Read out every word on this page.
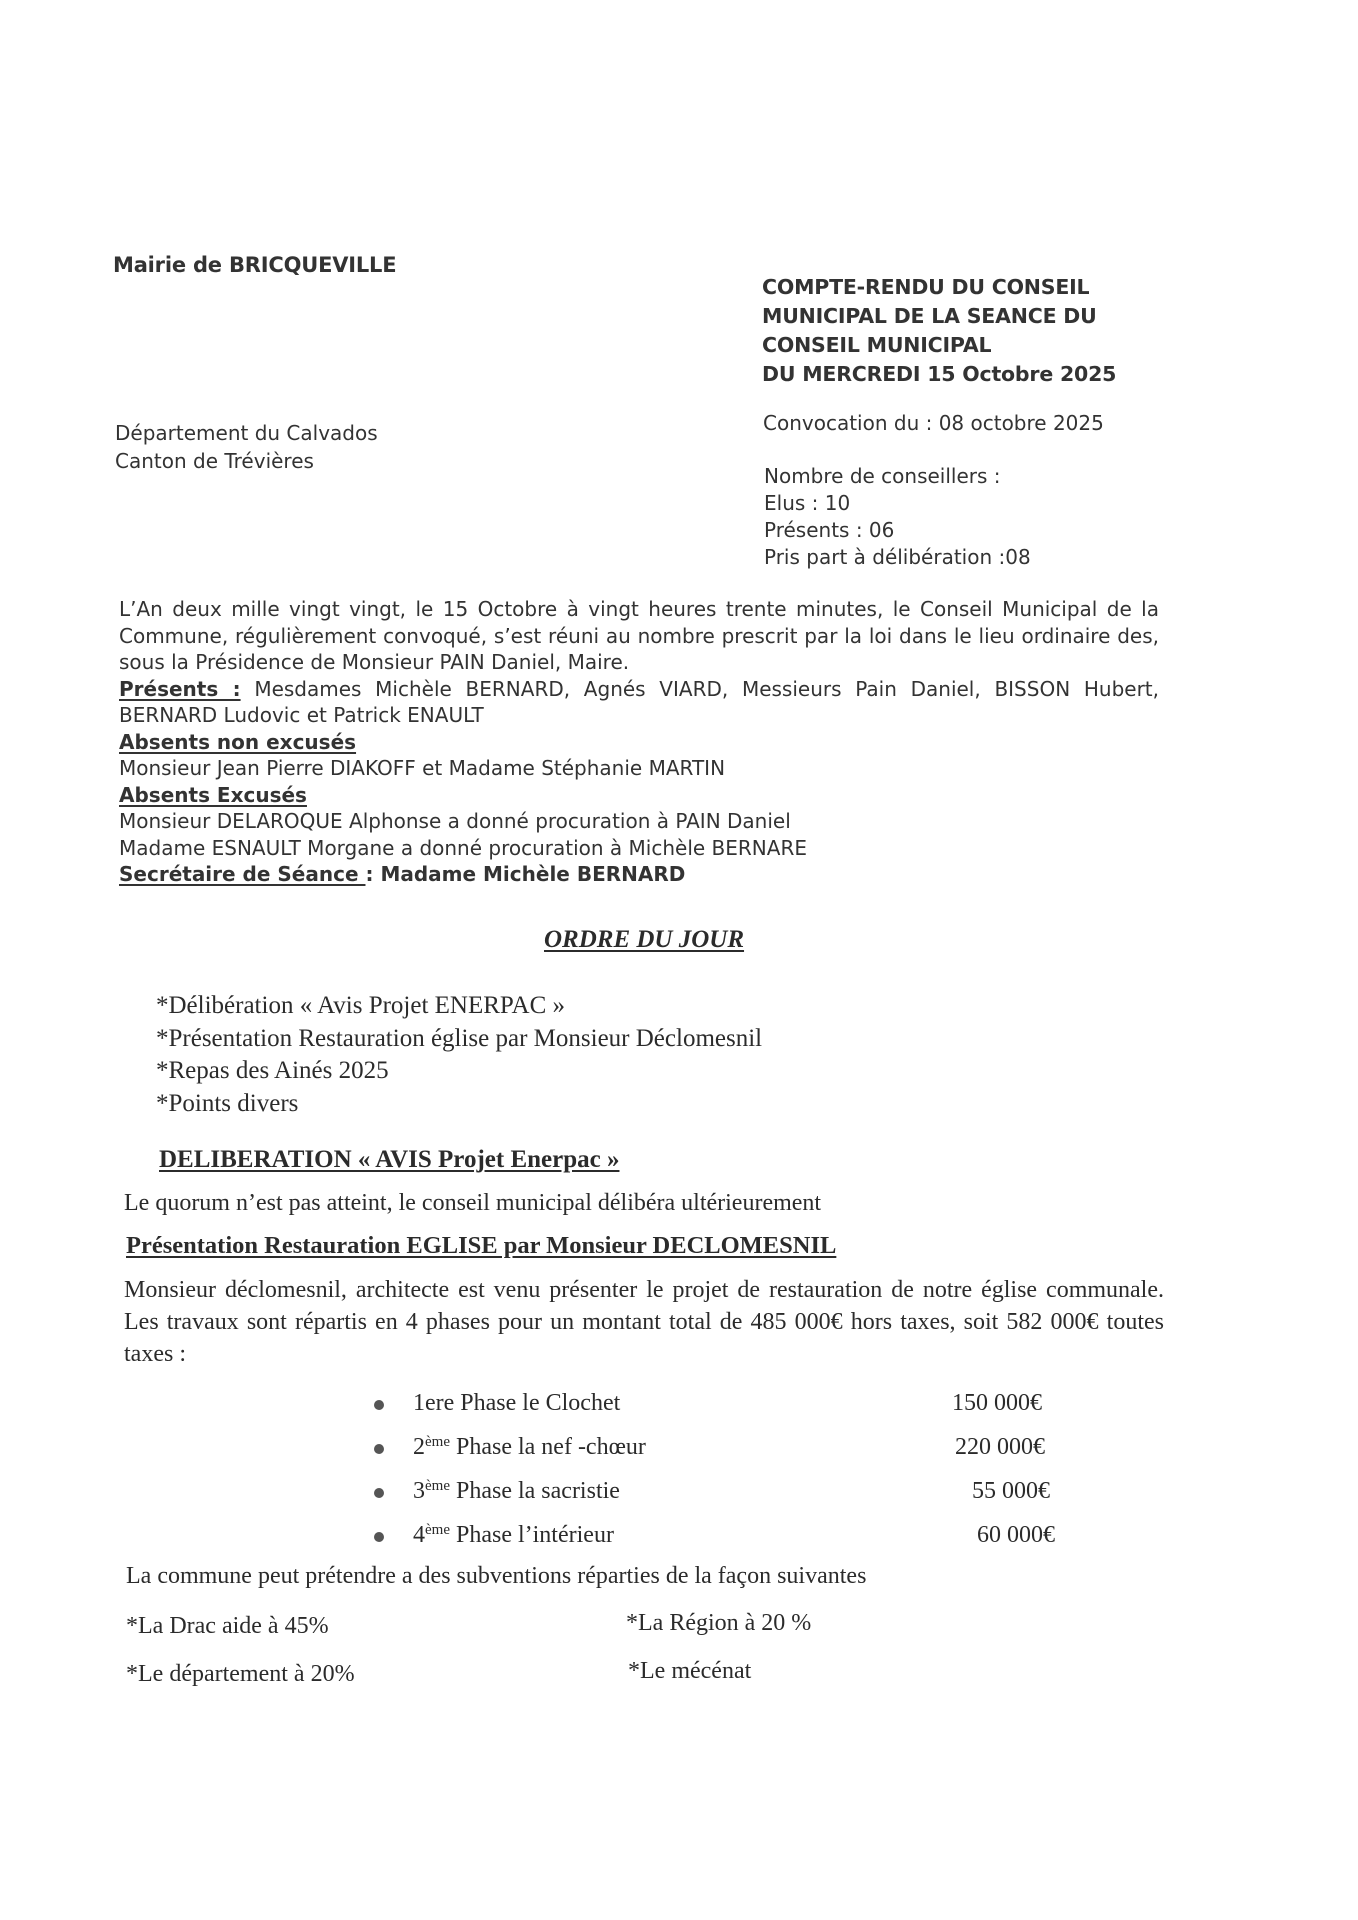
Mairie de BRICQUEVILLE
Département du Calvados
Canton de Trévières
COMPTE-RENDU DU CONSEIL
MUNICIPAL DE LA SEANCE DU
CONSEIL MUNICIPAL
DU MERCREDI 15 Octobre 2025
Convocation du : 08 octobre 2025
Nombre de conseillers :
Elus : 10
Présents : 06
Pris part à délibération :08

L’An deux mille vingt vingt, le 15 Octobre à vingt heures trente minutes, le Conseil Municipal de la Commune, régulièrement convoqué, s’est réuni au nombre prescrit par la loi dans le lieu ordinaire des, sous la Présidence de Monsieur PAIN Daniel, Maire.

Présents : Mesdames Michèle BERNARD, Agnés VIARD, Messieurs Pain Daniel, BISSON Hubert, BERNARD Ludovic et Patrick ENAULT

Absents non excusés

Monsieur Jean Pierre DIAKOFF et Madame Stéphanie MARTIN

Absents Excusés

Monsieur DELAROQUE Alphonse a donné procuration à PAIN Daniel

Madame ESNAULT Morgane a donné procuration à Michèle BERNARE

Secrétaire de Séance : Madame Michèle BERNARD

ORDRE DU JOUR
*Délibération « Avis Projet ENERPAC »
*Présentation Restauration église par Monsieur Déclomesnil
*Repas des Ainés 2025
*Points divers
DELIBERATION « AVIS Projet Enerpac »
Le quorum n’est pas atteint, le conseil municipal délibéra ultérieurement
Présentation Restauration EGLISE par Monsieur DECLOMESNIL
Monsieur déclomesnil, architecte est venu présenter le projet de restauration de notre église communale. Les travaux sont répartis en 4 phases pour un montant total de 485 000€ hors taxes, soit 582 000€ toutes taxes :
1ere Phase le Clochet	150 000€
2ème Phase la nef -chœur	220 000€
3ème Phase la sacristie	55 000€
4ème Phase l’intérieur	60 000€
La commune peut prétendre a des subventions réparties de la façon suivantes
*La Drac aide à 45%	*La Région à 20 %
*Le département à 20%	*Le mécénat
